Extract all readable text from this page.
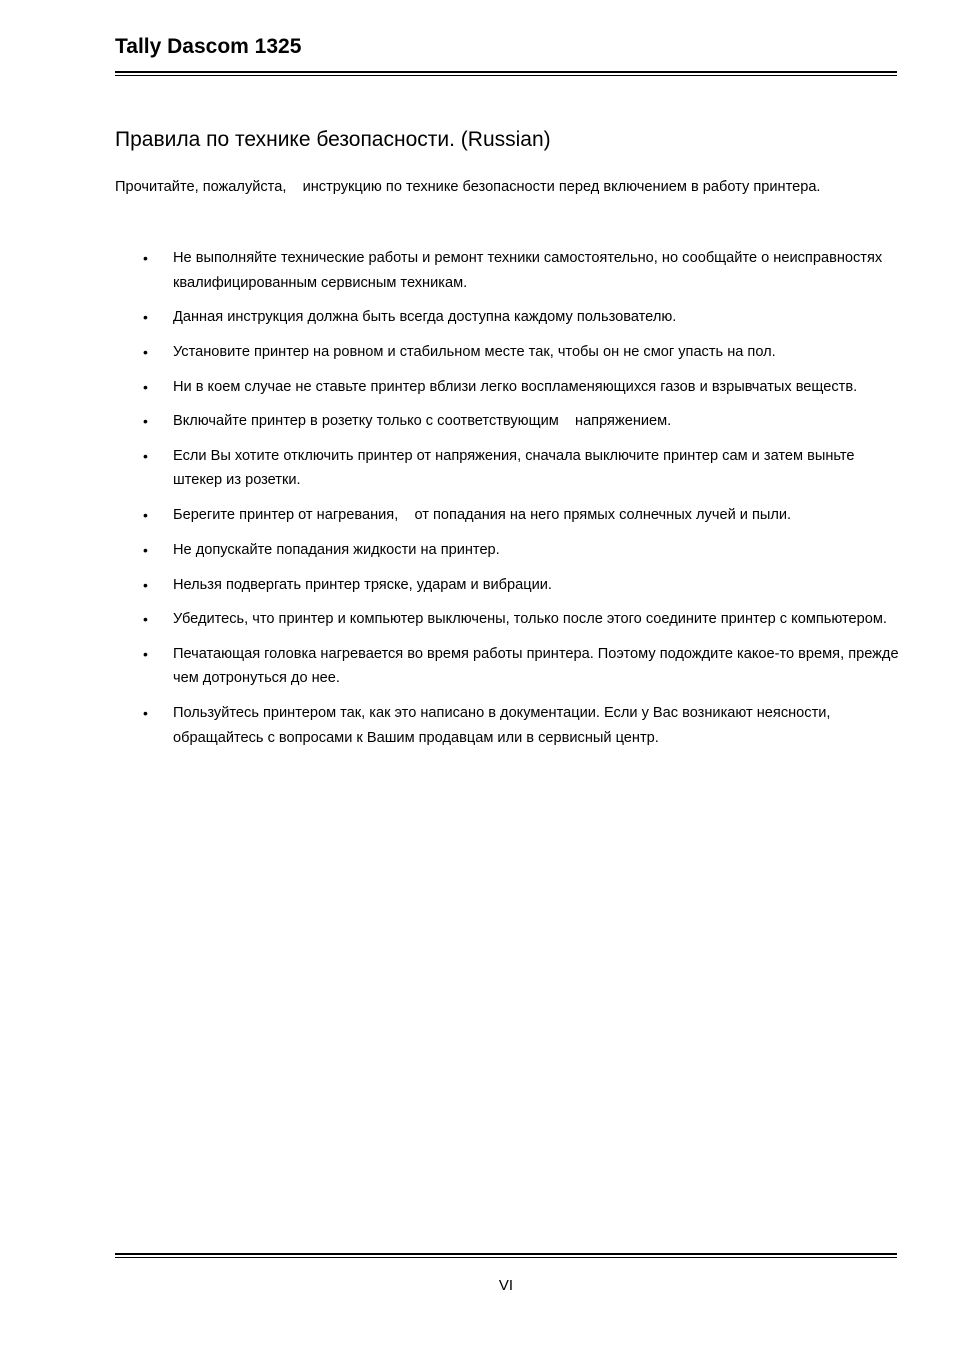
Tally Dascom 1325
Правила по технике безопасности. (Russian)

Прочитайте, пожалуйста,    инструкцию по технике безопасности перед включением в работу принтера.

• Не выполняйте технические работы и ремонт техники самостоятельно, но сообщайте о неисправностях квалифицированным сервисным техникам.
• Данная инструкция должна быть всегда доступна каждому пользователю.
• Установите принтер на ровном и стабильном месте так, чтобы он не смог упасть на пол.
• Ни в коем случае не ставьте принтер вблизи легко воспламеняющихся газов и взрывчатых веществ.
• Включайте принтер в розетку только с соответствующим    напряжением.
• Если Вы хотите отключить принтер от напряжения, сначала выключите принтер сам и затем выньте штекер из розетки.
• Берегите принтер от нагревания,    от попадания на него прямых солнечных лучей и пыли.
• Не допускайте попадания жидкости на принтер.
• Нельзя подвергать принтер тряске, ударам и вибрации.
• Убедитесь, что принтер и компьютер выключены, только после этого соедините принтер с компьютером.
• Печатающая головка нагревается во время работы принтера. Поэтому подождите какое-то время, прежде чем дотронуться до нее.
• Пользуйтесь принтером так, как это написано в документации. Если у Вас возникают неясности, обращайтесь с вопросами к Вашим продавцам или в сервисный центр.

VI
